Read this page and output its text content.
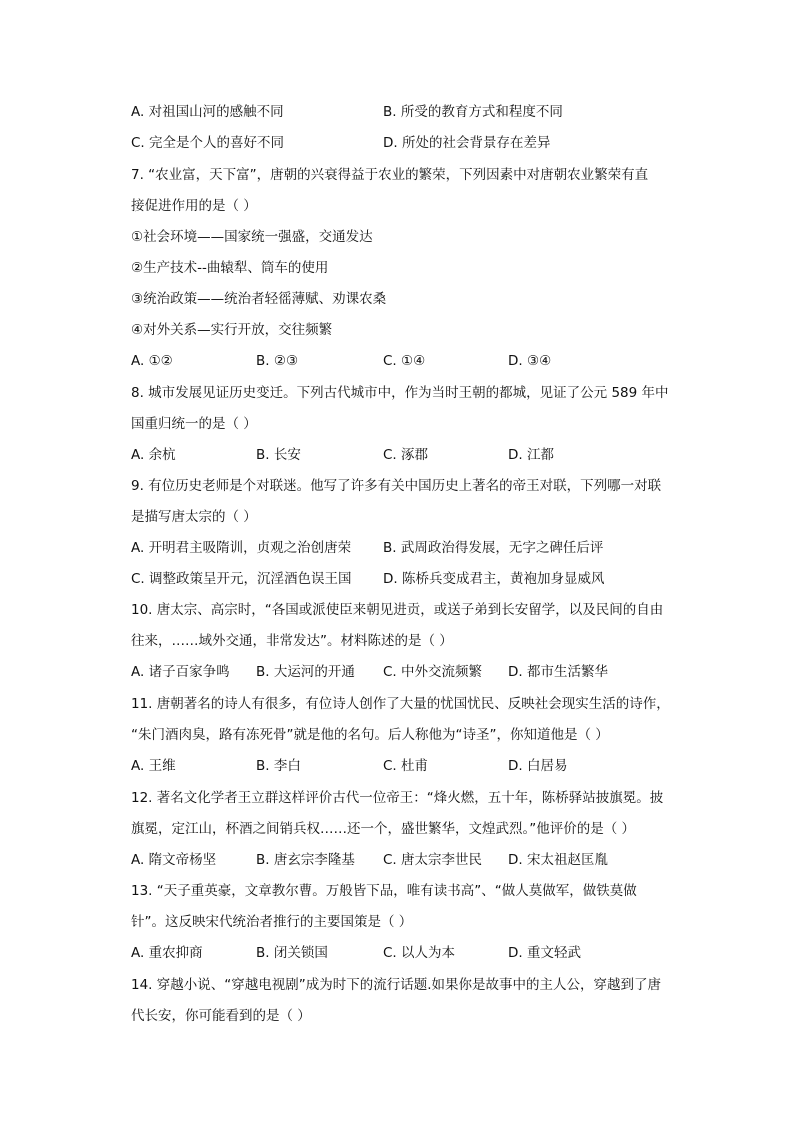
A. 对祖国山河的感触不同	B. 所受的教育方式和程度不同
C. 完全是个人的喜好不同	D. 所处的社会背景存在差异
7. “农业富，天下富”，唐朝的兴衰得益于农业的繁荣，下列因素中对唐朝农业繁荣有直
接促进作用的是（ ）
①社会环境——国家统一强盛，交通发达
②生产技术--曲辕犁、筒车的使用
③统治政策——统治者轻徭薄赋、劝课农桑
④对外关系—实行开放，交往频繁
A. ①②	B. ②③	C. ①④	D. ③④
8. 城市发展见证历史变迁。下列古代城市中，作为当时王朝的都城，见证了公元 589 年中
国重归统一的是（ ）
A. 余杭	B. 长安	C. 涿郡	D. 江都
9. 有位历史老师是个对联迷。他写了许多有关中国历史上著名的帝王对联，下列哪一对联
是描写唐太宗的（ ）
A. 开明君主吸隋训，贞观之治创唐荣 B. 武周政治得发展，无字之碑任后评
C. 调整政策呈开元，沉淫酒色误王国 D. 陈桥兵变成君主，黄袍加身显威风
10. 唐太宗、高宗时，“各国或派使臣来朝见进贡，或送子弟到长安留学，以及民间的自由
往来，……域外交通，非常发达”。材料陈述的是（ ）
A. 诸子百家争鸣 B. 大运河的开通 C. 中外交流频繁 D. 都市生活繁华
11. 唐朝著名的诗人有很多，有位诗人创作了大量的忧国忧民、反映社会现实生活的诗作，
“朱门酒肉臭，路有冻死骨”就是他的名句。后人称他为“诗圣”，你知道他是（ ）
A. 王维	B. 李白	C. 杜甫	D. 白居易
12. 著名文化学者王立群这样评价古代一位帝王：“烽火燃，五十年，陈桥驿站披旗冕。披
旗冕，定江山，杯酒之间销兵权……还一个，盛世繁华，文煌武烈。”他评价的是（ ）
A. 隋文帝杨坚	B. 唐玄宗李隆基 C. 唐太宗李世民 D. 宋太祖赵匡胤
13. “天子重英豪，文章教尔曹。万般皆下品，唯有读书高”、“做人莫做军，做铁莫做
针”。这反映宋代统治者推行的主要国策是（ ）
A. 重农抑商	B. 闭关锁国	C. 以人为本	D. 重文轻武
14. 穿越小说、“穿越电视剧”成为时下的流行话题.如果你是故事中的主人公，穿越到了唐
代长安，你可能看到的是（ ）
